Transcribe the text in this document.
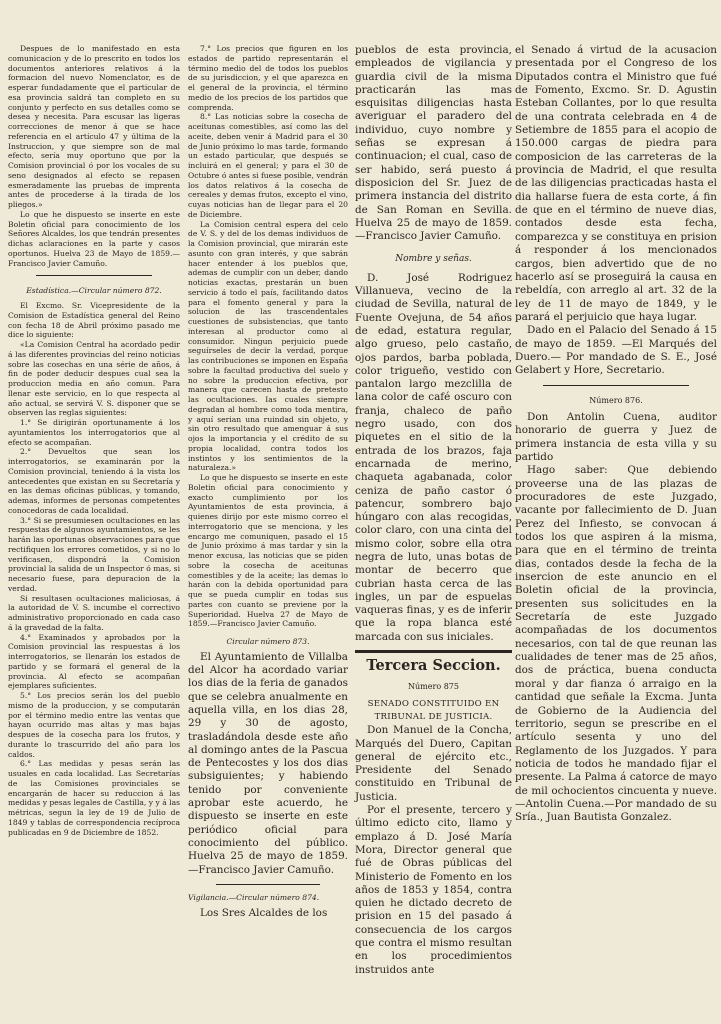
Despues de lo manifestado en esta comunicacion y de lo prescrito en todos los documentos anteriores relativos á la formacion del nuevo Nomenclator, es de esperar fundadamente que el particular de esa provincia saldrá tan completo en su conjunto y perfecto en sus detalles como se desea y necesita. Para escusar las ligeras correcciones de menor á que se hace referencia en el artículo 47 y última de la Instruccion, y que siempre son de mal efecto, sería muy oportuno que por la Comision provincial ó por los vocales de su seno designados al efecto se repasen esmeradamente las pruebas de imprenta antes de procederse á la tirada de los pliegos.»

Lo que he dispuesto se inserte en este Boletin oficial para conocimiento de los Señores Alcaldes, los que tendrán presentes dichas aclaraciones en la parte y casos oportunos. Huelva 23 de Mayo de 1859.—Francisco Javier Camuño.

Estadística.—Circular número 872.

El Excmo. Sr. Vicepresidente de la Comision de Estadística general del Reino con fecha 18 de Abril próximo pasado me dice lo siguiente:

«La Comision Central ha acordado pedir á las diferentes provincias del reino noticias sobre las cosechas en una série de años, á fin de poder deducir despues cual sea la produccion media en año comun. Para llenar este servicio, en lo que respecta al año actual, se servirá V. S. disponer que se observen las reglas siguientes:

1.° Se dirigirán oportunamente á los ayuntamientos los interrogatorios que al efecto se acompañan.

2.° Devueltos que sean los interrogatorios, se examinarán por la Comision provincial, teniendo á la vista los antecedentes que existan en su Secretaría y en las demas oficinas públicas, y tomando, ademas, informes de personas competentes conocedoras de cada localidad.

3.° Si se presumiesen ocultaciones en las respuestas de algunos ayuntamientos, se les harán las oportunas observaciones para que rectifiquen los errores cometidos, y si no lo verificasen, dispondrá la Comision provincial la salida de un Inspector ó mas, si necesario fuese, para depuracion de la verdad.

Si resultasen ocultaciones maliciosas, á la autoridad de V. S. incumbe el correctivo administrativo proporcionado en cada caso á la gravedad de la falta.

4.° Examinados y aprobados por la Comision provincial las respuestas á los interrogatorios, se llenarán los estados de partido y se formará el general de la provincia. Al efecto se acompañan ejemplares suficientes.

5.° Los precios serán los del pueblo mismo de la produccion, y se computarán por el término medio entre las ventas que hayan ocurrido mas altas y mas bajas despues de la cosecha para los frutos, y durante lo trascurrido del año para los caldos.

6.° Las medidas y pesas serán las usuales en cada localidad. Las Secretarías de las Comisiones provinciales se encargarán de hacer su reduccion á las medidas y pesas legales de Castilla, y y á las métricas, segun la ley de 19 de Julio de 1849 y tablas de correspondencia recíproca publicadas en 9 de Diciembre de 1852.

7.° Los precios que figuren en los estados de partido representarán el término medio del de todos los pueblos de su jurisdiccion, y el que aparezca en el general de la provincia, el término medio de los precios de los partidos que comprenda.

8.° Las noticias sobre la cosecha de aceitunas comestibles, así como las del aceite, deben venir á Madrid para el 30 de Junio próximo lo mas tarde, formando un estado particular, que después se incluirá en el general; y para el 30 de Octubre ó antes si fuese posible, vendrán los datos relativos á la cosecha de cereales y demas frutos, excepto el vino, cuyas noticias han de llegar para el 20 de Diciembre.

La Comision central espera del celo de V. S. y del de los demas individuos de la Comision provincial, que mirarán este asunto con gran interés, y que sabrán hacer entender á los pueblos que, ademas de cumplir con un deber, dando noticias exactas, prestarán un buen servicio á todo el país, facilitando datos para el fomento general y para la solucion de las trascendentales cuestiones de subsistencias, que tanto interesan al productor como al consumidor. Ningun perjuicio puede seguírseles de decir la verdad, porque las contribuciones se imponen en España sobre la facultad productiva del suelo y no sobre la produccion efectiva, por manera que carecen hasta de pretesto las ocultaciones. Ias cuales siempre degradan al hombre como toda mentira, y aquí serian una ruindad sin objeto, y sin otro resultado que amenguar á sus ojos la importancia y el crédito de su propia localidad, contra todos los instintos y los sentimientos de la naturaleza.»

Lo que he dispuesto se inserte en este Boletin oficial para conocimiento y exacto cumplimiento por los Ayuntamientos de esta provincia, á quienes dirijo por este mismo correo el interrogatorio que se menciona, y les encargo me comuniquen, pasado el 15 de Junio próximo á mas tardar y sin la menor excusa, las noticias que se piden sobre la cosecha de aceitunas comestibles y de la aceite; las demas lo harán con la debida oportunidad para que se pueda cumplir en todas sus partes con cuanto se previene por la Superioridad. Huelva 27 de Mayo de 1859.—Francisco Javier Camuño.

Circular número 873.

El Ayuntamiento de Villalba del Alcor ha acordado variar los dias de la feria de ganados que se celebra anualmente en aquella villa, en los dias 28, 29 y 30 de agosto, trasladándola desde este año al domingo antes de la Pascua de Pentecostes y los dos dias subsiguientes; y habiendo tenido por conveniente aprobar este acuerdo, he dispuesto se inserte en este periódico oficial para conocimiento del público. Huelva 25 de mayo de 1859.—Francisco Javier Camuño.

Vigilancia.—Circular número 874.

Los Sres Alcaldes de los

pueblos de esta provincia, empleados de vigilancia y guardia civil de la misma practicarán las mas esquisitas diligencias hasta averiguar el paradero del individuo, cuyo nombre y señas se expresan á continuacion; el cual, caso de ser habido, será puesto á disposicion del Sr. Juez de primera instancia del distrito de San Roman en Sevilla. Huelva 25 de mayo de 1859.—Francisco Javier Camuño.

Nombre y señas.

D. José Rodriguez Villanueva, vecino de la ciudad de Sevilla, natural de Fuente Ovejuna, de 54 años de edad, estatura regular, algo grueso, pelo castaño, ojos pardos, barba poblada, color trigueño, vestido con pantalon largo mezclilla de lana color de café oscuro con franja, chaleco de paño negro usado, con dos piquetes en el sitio de la entrada de los brazos, faja encarnada de merino, chaqueta agabanada, color ceniza de paño castor ó patencur, sombrero bajo húngaro con alas recogidas, color claro, con una cinta del mismo color, sobre ella otra negra de luto, unas botas de montar de becerro que cubrian hasta cerca de las ingles, un par de espuelas vaqueras finas, y es de inferir que la ropa blanca esté marcada con sus iniciales.

Tercera Seccion.

Número 875

SENADO CONSTITUIDO EN TRIBUNAL DE JUSTICIA.

Don Manuel de la Concha, Marqués del Duero, Capitan general de ejército etc., Presidente del Senado constituido en Tribunal de Justicia.

Por el presente, tercero y último edicto cito, llamo y emplazo á D. José María Mora, Director general que fué de Obras públicas del Ministerio de Fomento en los años de 1853 y 1854, contra quien he dictado decreto de prision en 15 del pasado á consecuencia de los cargos que contra el mismo resultan en los procedimientos instruidos ante

el Senado á virtud de la acusacion presentada por el Congreso de los Diputados contra el Ministro que fué de Fomento, Excmo. Sr. D. Agustin Esteban Collantes, por lo que resulta de una contrata celebrada en 4 de Setiembre de 1855 para el acopio de 150.000 cargas de piedra para composicion de las carreteras de la provincia de Madrid, el que resulta de las diligencias practicadas hasta el dia hallarse fuera de esta corte, á fin de que en el término de nueve dias, contados desde esta fecha, comparezca y se constituya en prision á responder á los mencionados cargos, bien advertido que de no hacerlo así se proseguirá la causa en rebeldía, con arreglo al art. 32 de la ley de 11 de mayo de 1849, y le parará el perjuicio que haya lugar.

Dado en el Palacio del Senado á 15 de mayo de 1859. —El Marqués del Duero.— Por mandado de S. E., José Gelabert y Hore, Secretario.

Número 876.

Don Antolin Cuena, auditor honorario de guerra y Juez de primera instancia de esta villa y su partido

Hago saber: Que debiendo proveerse una de las plazas de procuradores de este Juzgado, vacante por fallecimiento de D. Juan Perez del Infiesto, se convocan á todos los que aspiren á la misma, para que en el término de treinta dias, contados desde la fecha de la insercion de este anuncio en el Boletin oficial de la provincia, presenten sus solicitudes en la Secretaría de este Juzgado acompañadas de los documentos necesarios, con tal de que reunan las cualidades de tener mas de 25 años, dos de práctica, buena conducta moral y dar fianza ó arraigo en la cantidad que señale la Excma. Junta de Gobierno de la Audiencia del territorio, segun se prescribe en el artículo sesenta y uno del Reglamento de los Juzgados. Y para noticia de todos he mandado fijar el presente. La Palma á catorce de mayo de mil ochocientos cincuenta y nueve.—Antolin Cuena.—Por mandado de su Sría., Juan Bautista Gonzalez.
